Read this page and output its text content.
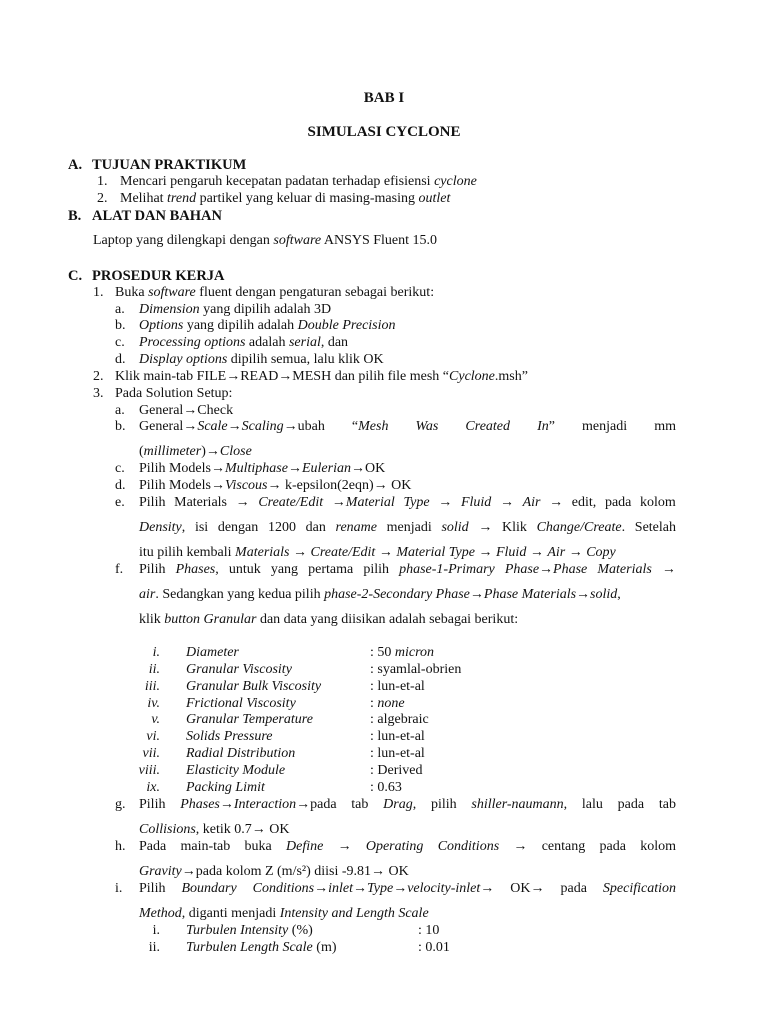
BAB I
SIMULASI CYCLONE
A. TUJUAN PRAKTIKUM
1. Mencari pengaruh kecepatan padatan terhadap efisiensi cyclone
2. Melihat trend partikel yang keluar di masing-masing outlet
B. ALAT DAN BAHAN
Laptop yang dilengkapi dengan software ANSYS Fluent 15.0
C. PROSEDUR KERJA
1. Buka software fluent dengan pengaturan sebagai berikut:
a. Dimension yang dipilih adalah 3D
b. Options yang dipilih adalah Double Precision
c. Processing options adalah serial, dan
d. Display options dipilih semua, lalu klik OK
2. Klik main-tab FILE→READ→MESH dan pilih file mesh “Cyclone.msh”
3. Pada Solution Setup:
a. General→Check
b. General→Scale→Scaling→ubah “Mesh Was Created In” menjadi mm
(millimeter)→Close
c. Pilih Models→Multiphase→Eulerian→OK
d. Pilih Models→Viscous→ k-epsilon(2eqn)→ OK
e. Pilih Materials → Create/Edit →Material Type → Fluid → Air → edit, pada kolom
Density, isi dengan 1200 dan rename menjadi solid → Klik Change/Create. Setelah
itu pilih kembali Materials → Create/Edit → Material Type → Fluid → Air → Copy
f. Pilih Phases, untuk yang pertama pilih phase-1-Primary Phase→Phase Materials →
air. Sedangkan yang kedua pilih phase-2-Secondary Phase→Phase Materials→solid,
klik button Granular dan data yang diisikan adalah sebagai berikut:
i. Diameter	: 50 micron
ii. Granular Viscosity	: syamlal-obrien
iii. Granular Bulk Viscosity	: lun-et-al
iv. Frictional Viscosity	: none
v. Granular Temperature	: algebraic
vi. Solids Pressure	: lun-et-al
vii. Radial Distribution	: lun-et-al
viii. Elasticity Module	: Derived
ix. Packing Limit	: 0.63
g. Pilih Phases→Interaction→pada tab Drag, pilih shiller-naumann, lalu pada tab
Collisions, ketik 0.7→ OK
h. Pada main-tab buka Define → Operating Conditions → centang pada kolom
Gravity→pada kolom Z (m/s²) diisi -9.81→ OK
i. Pilih Boundary Conditions→inlet→Type→velocity-inlet→ OK→ pada Specification
Method, diganti menjadi Intensity and Length Scale
i. Turbulen Intensity (%)	: 10
ii. Turbulen Length Scale (m)	: 0.01
